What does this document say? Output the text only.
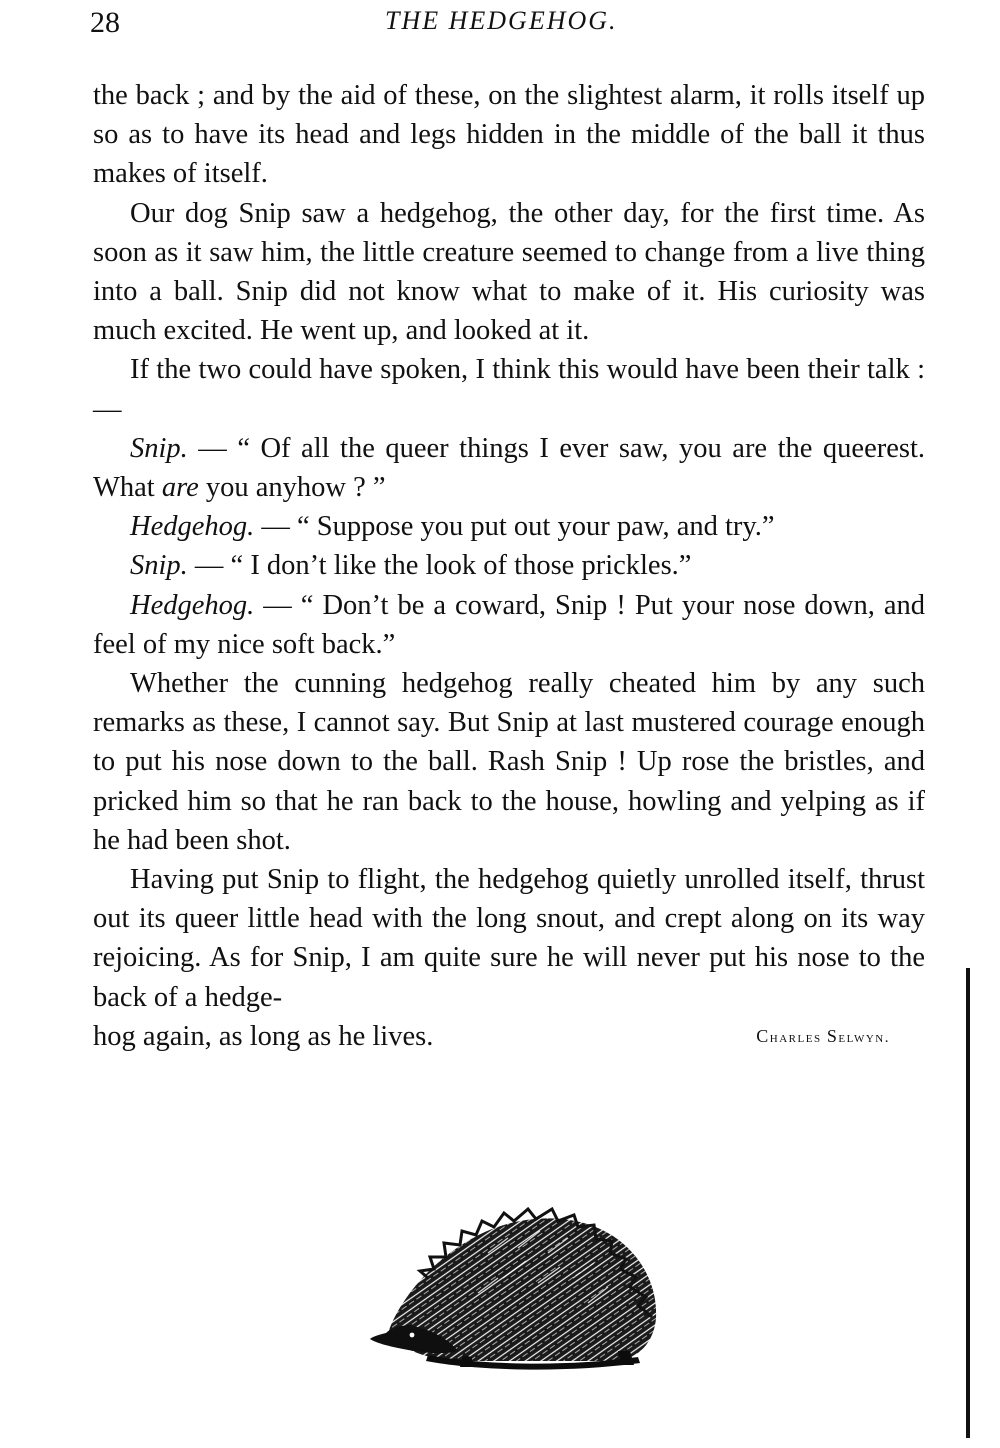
28	THE HEDGEHOG.

the back ; and by the aid of these, on the slightest alarm, it rolls itself up so as to have its head and legs hidden in the middle of the ball it thus makes of itself.

Our dog Snip saw a hedgehog, the other day, for the first time. As soon as it saw him, the little creature seemed to change from a live thing into a ball. Snip did not know what to make of it. His curiosity was much excited. He went up, and looked at it.

If the two could have spoken, I think this would have been their talk : —

Snip. — “ Of all the queer things I ever saw, you are the queerest. What are you anyhow ? ”

Hedgehog. — “ Suppose you put out your paw, and try.”

Snip. — “ I don’t like the look of those prickles.”

Hedgehog. — “ Don’t be a coward, Snip ! Put your nose down, and feel of my nice soft back.”

Whether the cunning hedgehog really cheated him by any such remarks as these, I cannot say. But Snip at last mustered courage enough to put his nose down to the ball. Rash Snip ! Up rose the bristles, and pricked him so that he ran back to the house, howling and yelping as if he had been shot.

Having put Snip to flight, the hedgehog quietly unrolled itself, thrust out its queer little head with the long snout, and crept along on its way rejoicing. As for Snip, I am quite sure he will never put his nose to the back of a hedge-

hog again, as long as he lives.	Charles Selwyn.
